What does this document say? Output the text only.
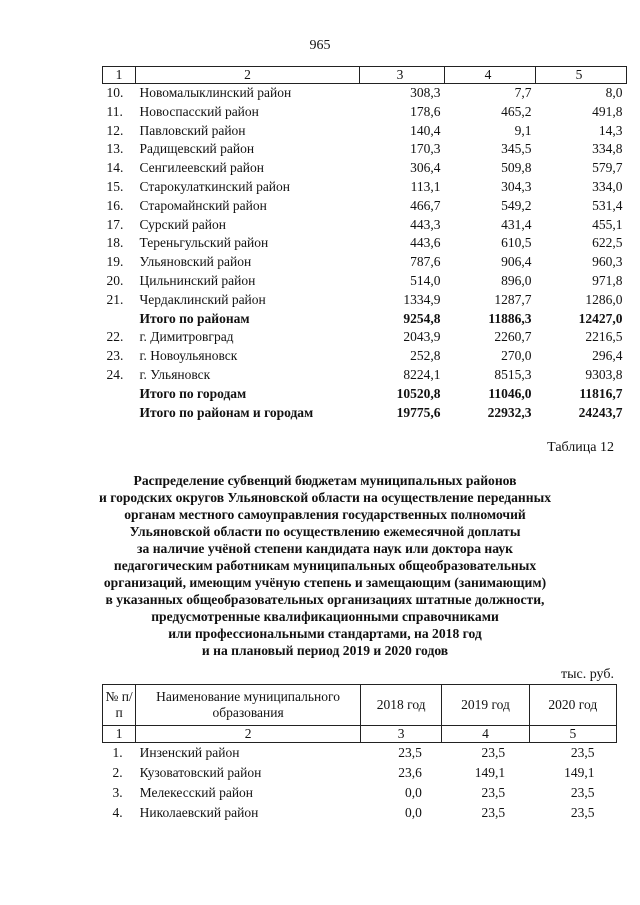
965
1	2	3	4	5
10.	Новомалыклинский район	308,3	7,7	8,0
11.	Новоспасский район	178,6	465,2	491,8
12.	Павловский район	140,4	9,1	14,3
13.	Радищевский район	170,3	345,5	334,8
14.	Сенгилеевский район	306,4	509,8	579,7
15.	Старокулаткинский район	113,1	304,3	334,0
16.	Старомайнский район	466,7	549,2	531,4
17.	Сурский район	443,3	431,4	455,1
18.	Тереньгульский район	443,6	610,5	622,5
19.	Ульяновский район	787,6	906,4	960,3
20.	Цильнинский район	514,0	896,0	971,8
21.	Чердаклинский район	1334,9	1287,7	1286,0
	Итого по районам	9254,8	11886,3	12427,0
22.	г. Димитровград	2043,9	2260,7	2216,5
23.	г. Новоульяновск	252,8	270,0	296,4
24.	г. Ульяновск	8224,1	8515,3	9303,8
	Итого по городам	10520,8	11046,0	11816,7
	Итого по районам и городам	19775,6	22932,3	24243,7
Таблица 12
Распределение субвенций бюджетам муниципальных районов
и городских округов Ульяновской области на осуществление переданных
органам местного самоуправления государственных полномочий
Ульяновской области по осуществлению ежемесячной доплаты
за наличие учёной степени кандидата наук или доктора наук
педагогическим работникам муниципальных общеобразовательных
организаций, имеющим учёную степень и замещающим (занимающим)
в указанных общеобразовательных организациях штатные должности,
предусмотренные квалификационными справочниками
или профессиональными стандартами, на 2018 год
и на плановый период 2019 и 2020 годов
тыс. руб.
№ п/п	Наименование муниципального образования	2018 год	2019 год	2020 год
1	2	3	4	5
1.	Инзенский район	23,5	23,5	23,5
2.	Кузоватовский район	23,6	149,1	149,1
3.	Мелекесский район	0,0	23,5	23,5
4.	Николаевский район	0,0	23,5	23,5
